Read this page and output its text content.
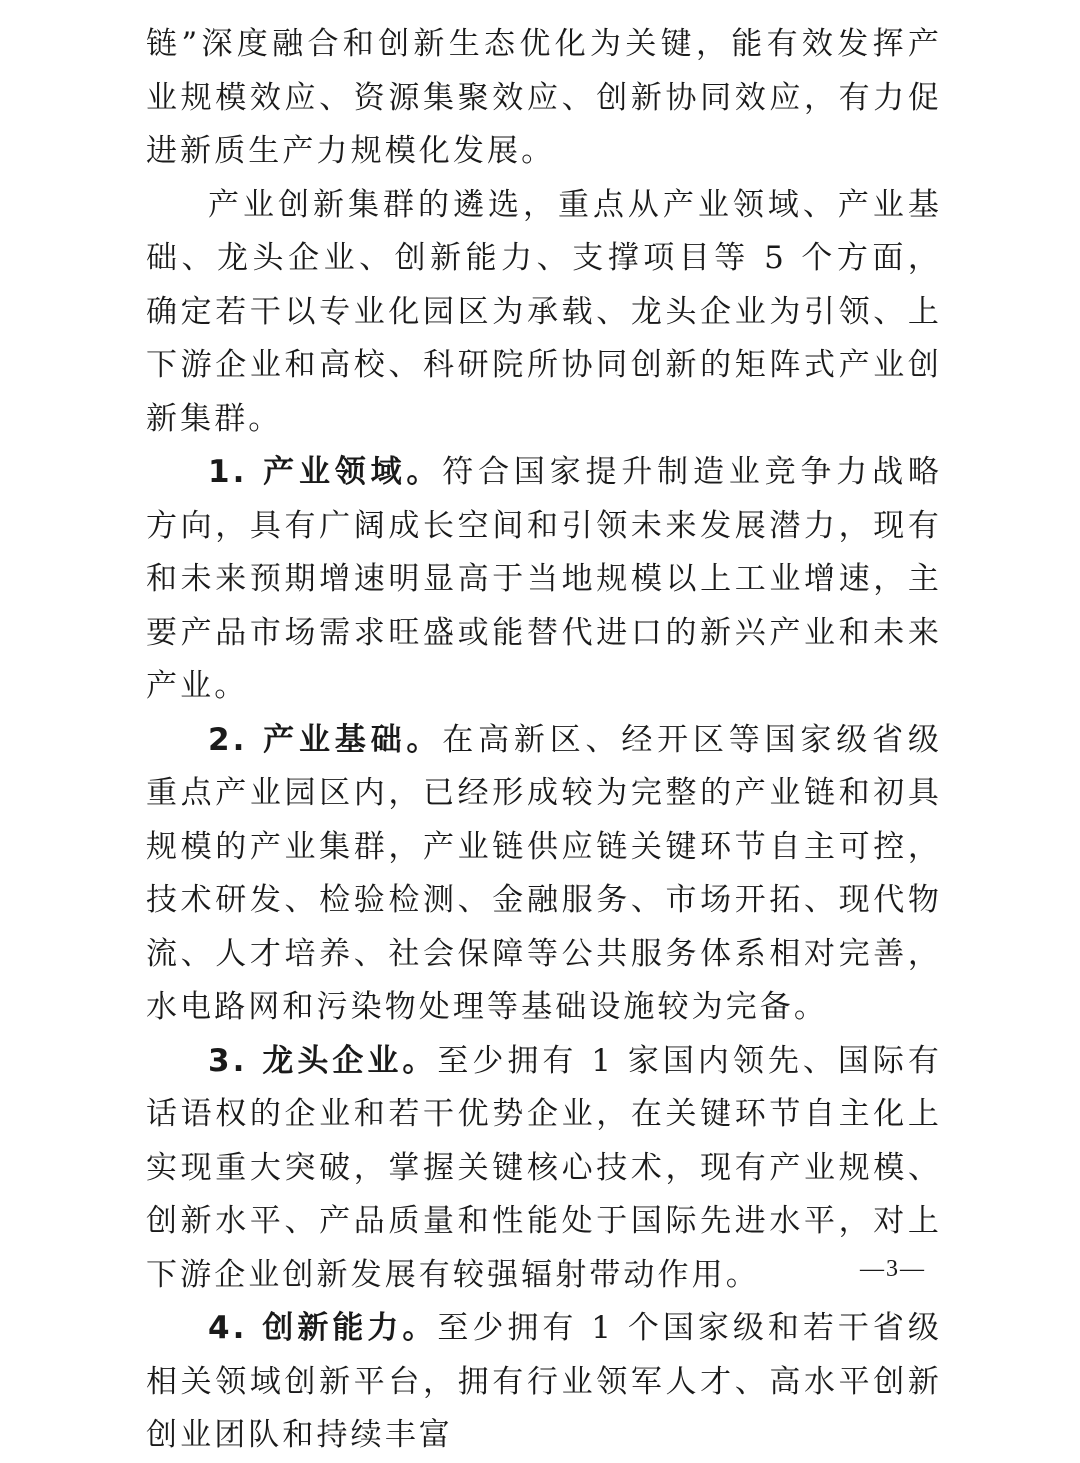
链”深度融合和创新生态优化为关键，能有效发挥产业规模效应、资源集聚效应、创新协同效应，有力促进新质生产力规模化发展。

产业创新集群的遴选，重点从产业领域、产业基础、龙头企业、创新能力、支撑项目等 5 个方面，确定若干以专业化园区为承载、龙头企业为引领、上下游企业和高校、科研院所协同创新的矩阵式产业创新集群。

1. 产业领域。符合国家提升制造业竞争力战略方向，具有广阔成长空间和引领未来发展潜力，现有和未来预期增速明显高于当地规模以上工业增速，主要产品市场需求旺盛或能替代进口的新兴产业和未来产业。

2. 产业基础。在高新区、经开区等国家级省级重点产业园区内，已经形成较为完整的产业链和初具规模的产业集群，产业链供应链关键环节自主可控，技术研发、检验检测、金融服务、市场开拓、现代物流、人才培养、社会保障等公共服务体系相对完善，水电路网和污染物处理等基础设施较为完备。

3. 龙头企业。至少拥有 1 家国内领先、国际有话语权的企业和若干优势企业，在关键环节自主化上实现重大突破，掌握关键核心技术，现有产业规模、创新水平、产品质量和性能处于国际先进水平，对上下游企业创新发展有较强辐射带动作用。

4. 创新能力。至少拥有 1 个国家级和若干省级相关领域创新平台，拥有行业领军人才、高水平创新创业团队和持续丰富

—3—
